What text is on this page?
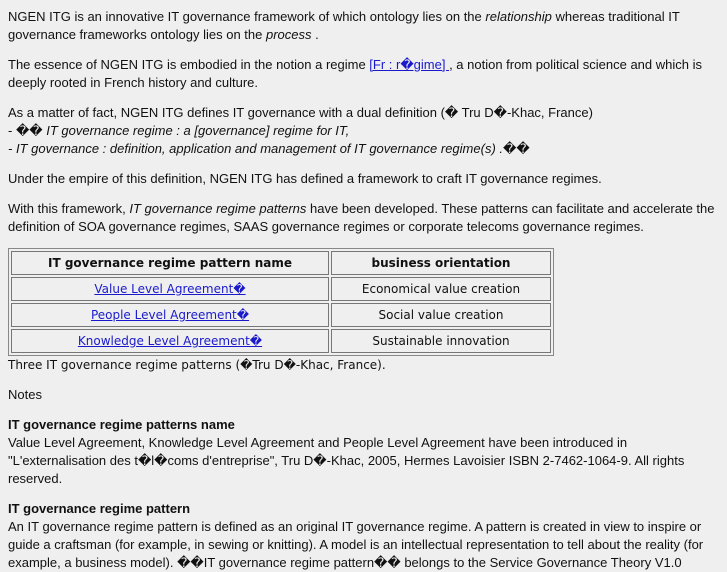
NGEN ITG is an innovative IT governance framework of which ontology lies on the relationship whereas traditional IT governance frameworks ontology lies on the process .

The essence of NGEN ITG is embodied in the notion a regime [Fr : r�gime] , a notion from political science and which is deeply rooted in French history and culture.

As a matter of fact, NGEN ITG defines IT governance with a dual definition (� Tru D�-Khac, France)
- �� IT governance regime : a [governance] regime for IT,
- IT governance : definition, application and management of IT governance regime(s) .��

Under the empire of this definition, NGEN ITG has defined a framework to craft IT governance regimes.

With this framework, IT governance regime patterns have been developed. These patterns can facilitate and accelerate the definition of SOA governance regimes, SAAS governance regimes or corporate telecoms governance regimes.

IT governance regime pattern name	business orientation
Value Level Agreement�	Economical value creation
People Level Agreement�	Social value creation
Knowledge Level Agreement�	Sustainable innovation
Three IT governance regime patterns (�Tru D�-Khac, France).

Notes

IT governance regime patterns name
Value Level Agreement, Knowledge Level Agreement and People Level Agreement have been introduced in "L'externalisation des t�l�coms d'entreprise", Tru D�-Khac, 2005, Hermes Lavoisier ISBN 2-7462-1064-9. All rights reserved.
IT governance regime pattern
An IT governance regime pattern is defined as an original IT governance regime. A pattern is created in view to inspire or guide a craftsman (for example, in sewing or knitting). A model is an intellectual representation to tell about the reality (for example, a business model). ��IT governance regime pattern�� belongs to the Service Governance Theory V1.0
